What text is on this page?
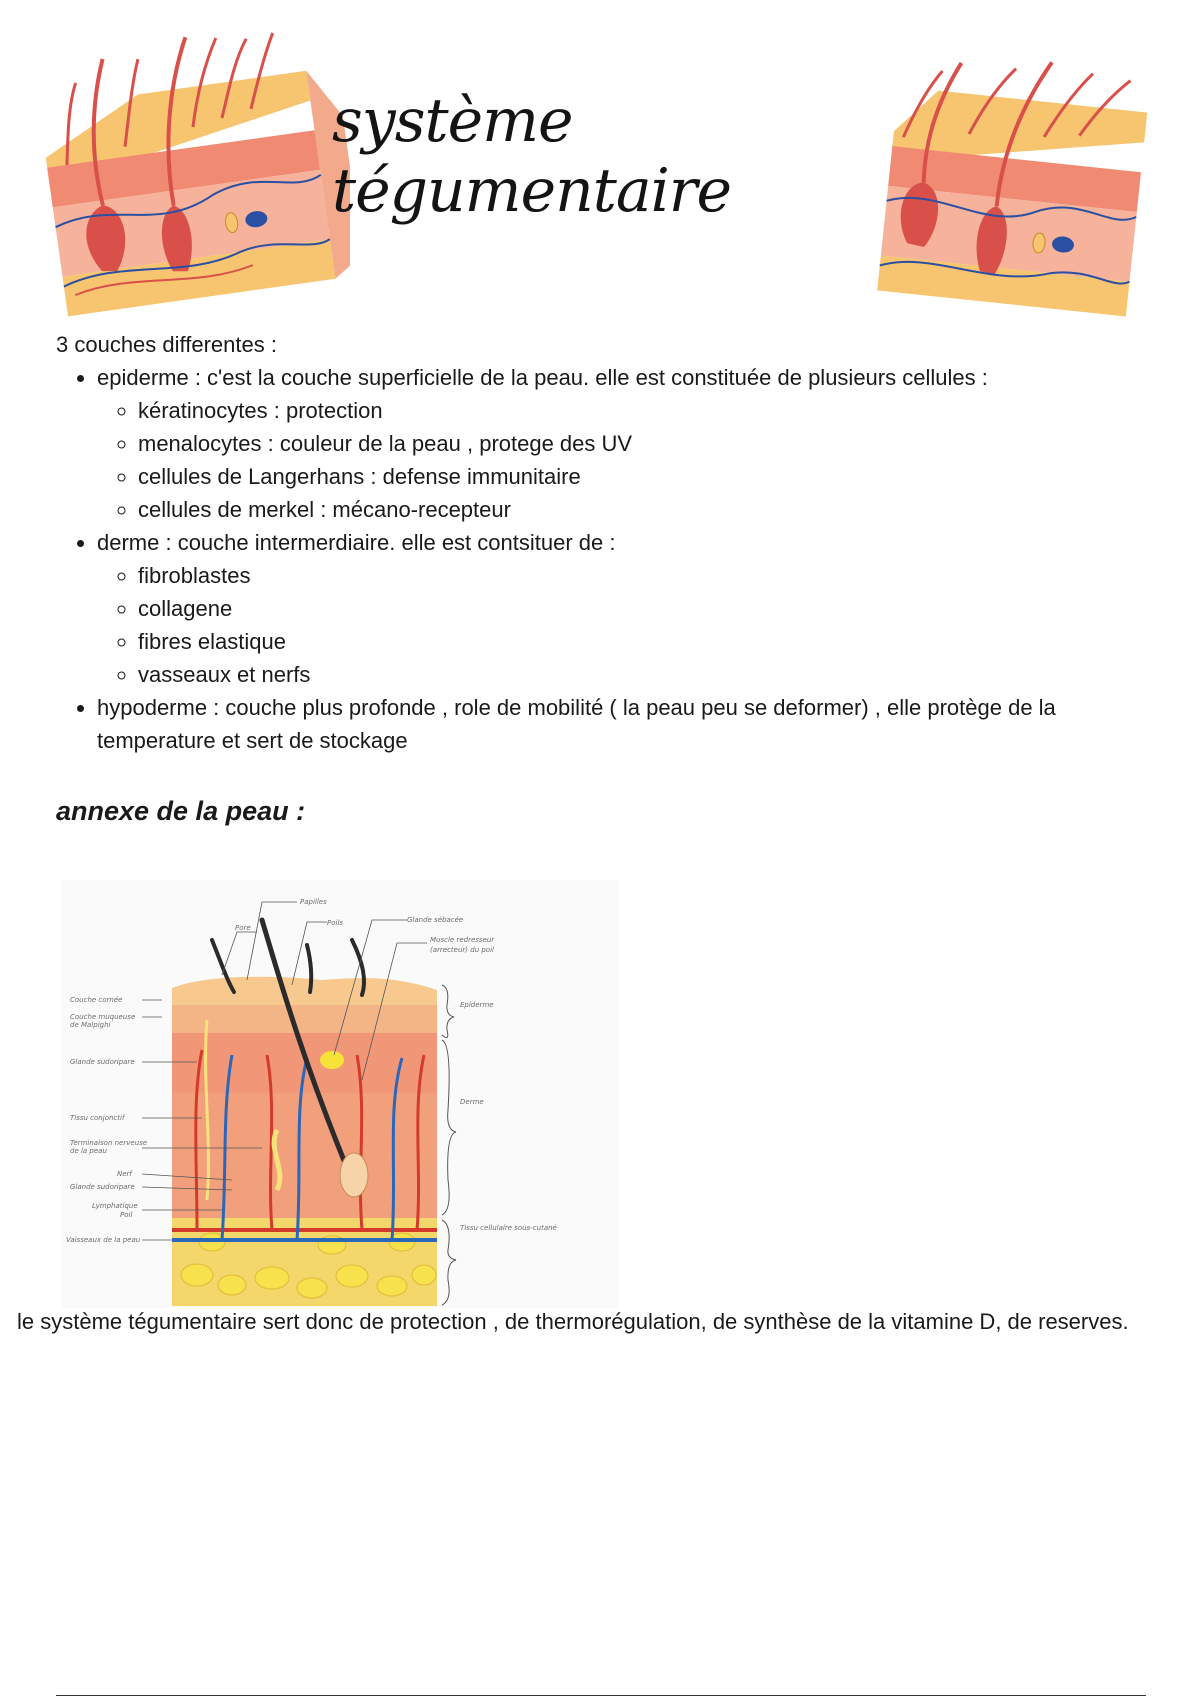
système tégumentaire

3 couches differentes :

• epiderme : c'est la couche superficielle de la peau. elle est constituée de plusieurs cellules :
◦ kératinocytes : protection
◦ menalocytes : couleur de la peau , protege des UV
◦ cellules de Langerhans : defense immunitaire
◦ cellules de merkel : mécano-recepteur
• derme : couche intermerdiaire. elle est contsituer de :
◦ fibroblastes
◦ collagene
◦ fibres elastique
◦ vasseaux et nerfs
• hypoderme : couche plus profonde , role de mobilité ( la peau peu se deformer) , elle protège de la temperature et sert de stockage
annexe de la peau :
Papilles
Pore
Poils	Glande sébacée
Muscle redresseur
(arrecteur) du poil
Couche cornée
Couche muqueuse
de Malpighi
Glande sudoripare
Tissu conjonctif
Terminaison nerveuse
de la peau
Nerf
Glande sudoripare
Lymphatique
Poil
Vaisseaux de la peau
Epiderme
Derme
Tissu cellulaire sous-cutané

le système tégumentaire sert donc de protection , de thermorégulation, de synthèse de la vitamine D, de reserves.
